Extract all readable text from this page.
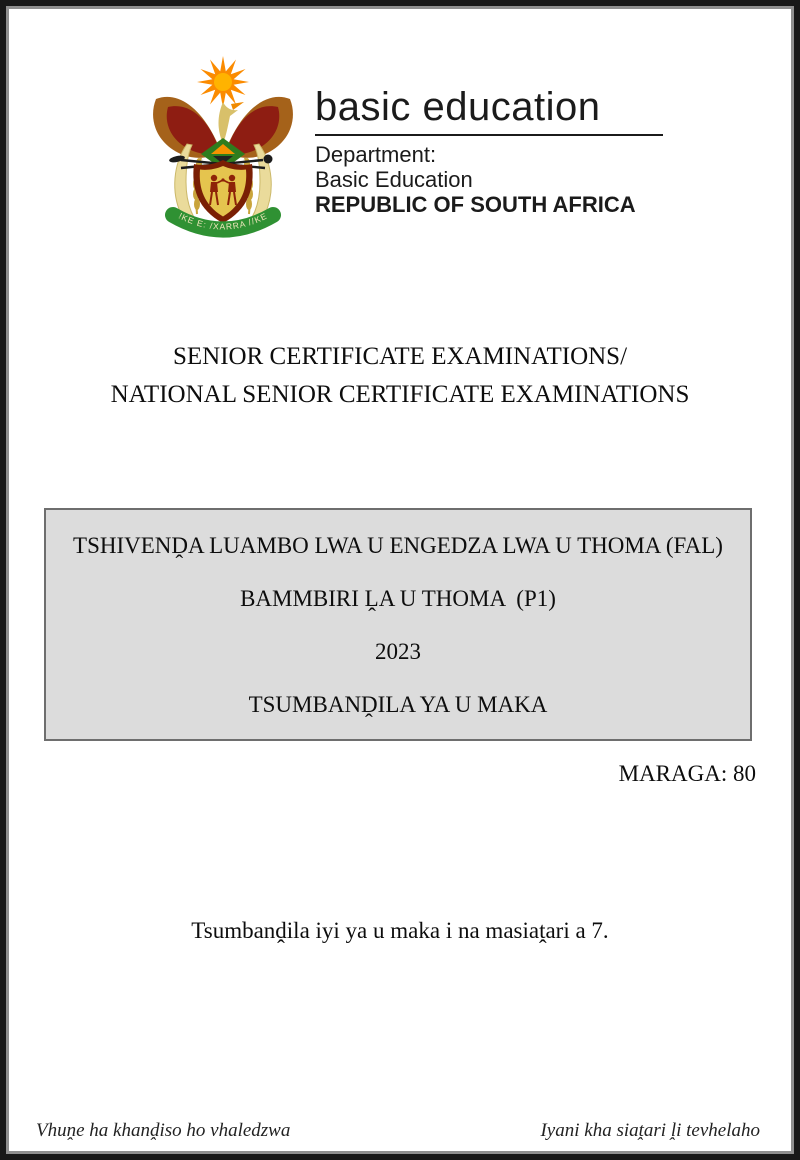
!KE E: /XARRA //KE
basic education
Department:
Basic Education
REPUBLIC OF SOUTH AFRICA
SENIOR CERTIFICATE EXAMINATIONS/
NATIONAL SENIOR CERTIFICATE EXAMINATIONS
TSHIVENḒA LUAMBO LWA U ENGEDZA LWA U THOMA (FAL)
BAMMBIRI ḼA U THOMA  (P1)
2023
TSUMBANḒILA YA U MAKA
MARAGA: 80
Tsumbanḓila iyi ya u maka i na masiaṱari a 7.
Vhuṋe ha khanḓiso ho vhaledzwa	Iyani kha siaṱari ḽi tevhelaho
